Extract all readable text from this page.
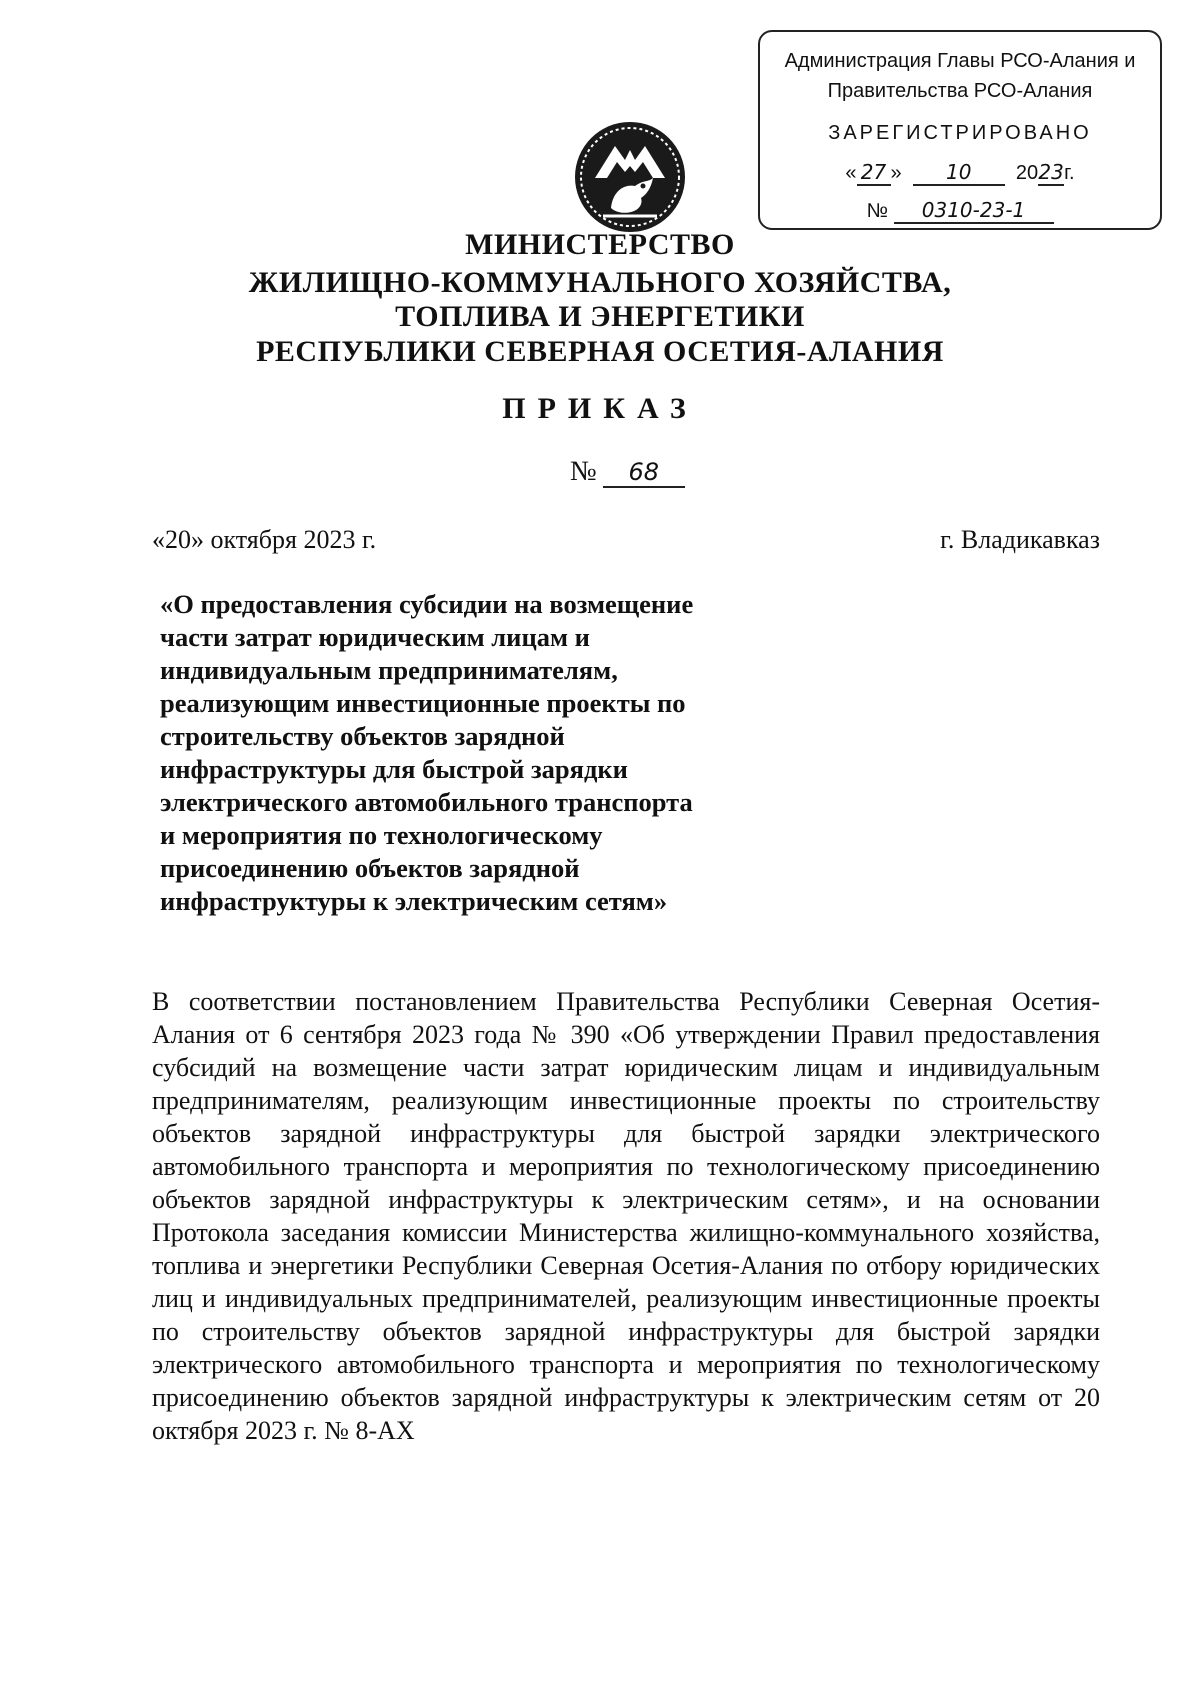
Администрация Главы РСО-Алания и
Правительства РСО-Алания
ЗАРЕГИСТРИРОВАНО
« 27 »  10 2023г.
№ 0310-23-1
МИНИСТЕРСТВО
ЖИЛИЩНО-КОММУНАЛЬНОГО ХОЗЯЙСТВА,
ТОПЛИВА И ЭНЕРГЕТИКИ
РЕСПУБЛИКИ СЕВЕРНАЯ ОСЕТИЯ-АЛАНИЯ
ПРИКАЗ
№ 68
«20» октября 2023 г.	г. Владикавказ
«О предоставления субсидии на возмещение
части затрат юридическим лицам и
индивидуальным предпринимателям,
реализующим инвестиционные проекты по
строительству объектов зарядной
инфраструктуры для быстрой зарядки
электрического автомобильного транспорта
и мероприятия по технологическому
присоединению объектов зарядной
инфраструктуры к электрическим сетям»
В соответствии постановлением Правительства Республики Северная Осетия-Алания от 6 сентября 2023 года № 390 «Об утверждении Правил предоставления субсидий на возмещение части затрат юридическим лицам и индивидуальным предпринимателям, реализующим инвестиционные проекты по строительству объектов зарядной инфраструктуры для быстрой зарядки электрического автомобильного транспорта и мероприятия по технологическому присоединению объектов зарядной инфраструктуры к электрическим сетям», и на основании Протокола заседания комиссии Министерства жилищно-коммунального хозяйства, топлива и энергетики Республики Северная Осетия-Алания по отбору юридических лиц и индивидуальных предпринимателей, реализующим инвестиционные проекты по строительству объектов зарядной инфраструктуры для быстрой зарядки электрического автомобильного транспорта и мероприятия по технологическому присоединению объектов зарядной инфраструктуры к электрическим сетям от 20 октября 2023 г. № 8-АХ
